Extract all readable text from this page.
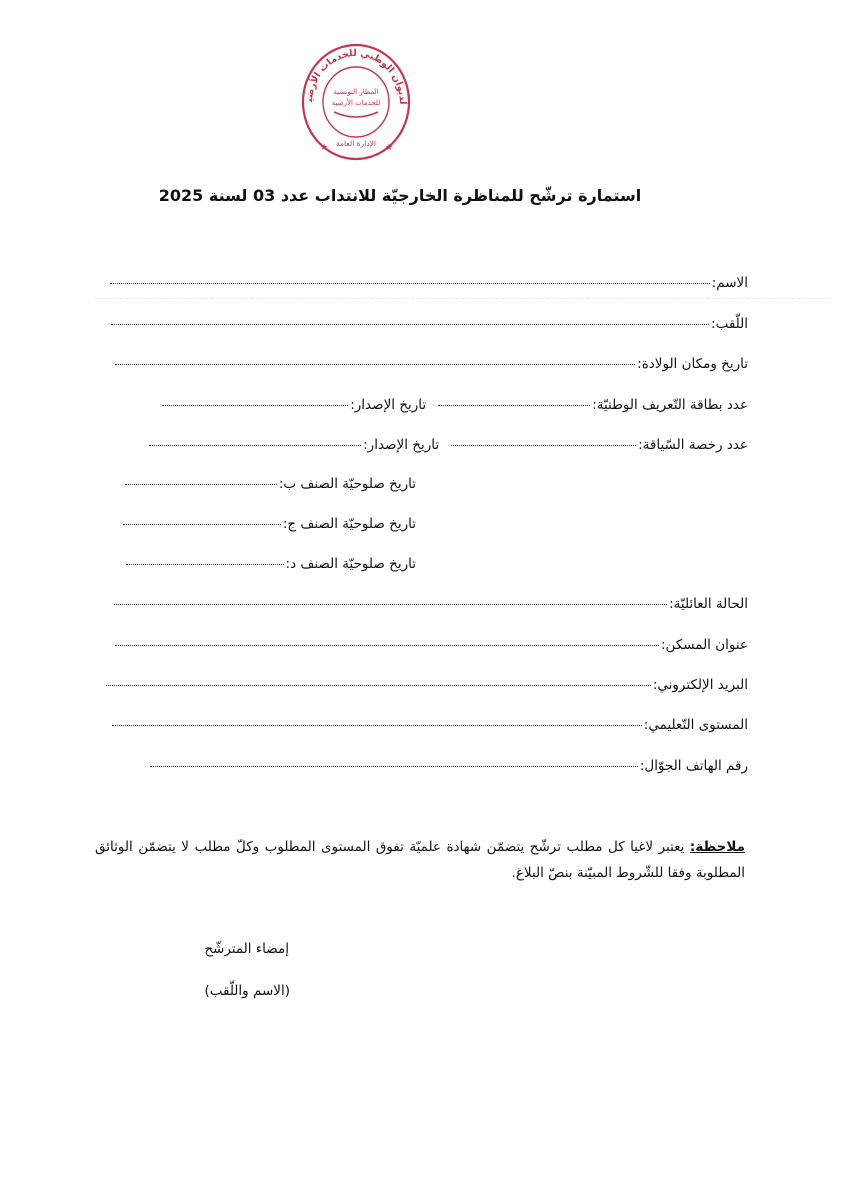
لديوان الوطني للخدمات الأرضية
المطار التونسية
للخدمات الأرضية
الإدارة العامة
★	★
استمارة ترشّح للمناظرة الخارجيّة للانتداب عدد 03 لسنة 2025
الاسم:
اللّقب:
تاريخ ومكان الولادة:
عدد بطاقة التّعريف الوطنيّة:
تاريخ الإصدار:
عدد رخصة السّياقة:
تاريخ الإصدار:
تاريخ صلوحيّة الصنف ب:
تاريخ صلوحيّة الصنف ج:
تاريخ صلوحيّة الصنف د:
الحالة العائليّة:
عنوان المسكن:
البريد الإلكتروني:
المستوى التّعليمي:
رقم الهاتف الجوّال:
ملاحظة: يعتبر لاغيا كل مطلب ترشّح يتضمّن شهادة علميّة تفوق المستوى المطلوب وكلّ مطلب لا يتضمّن الوثائق المطلوبة وفقا للشّروط المبيّنة بنصّ البلاغ.
إمضاء المترشّح
(الاسم واللّقب)
